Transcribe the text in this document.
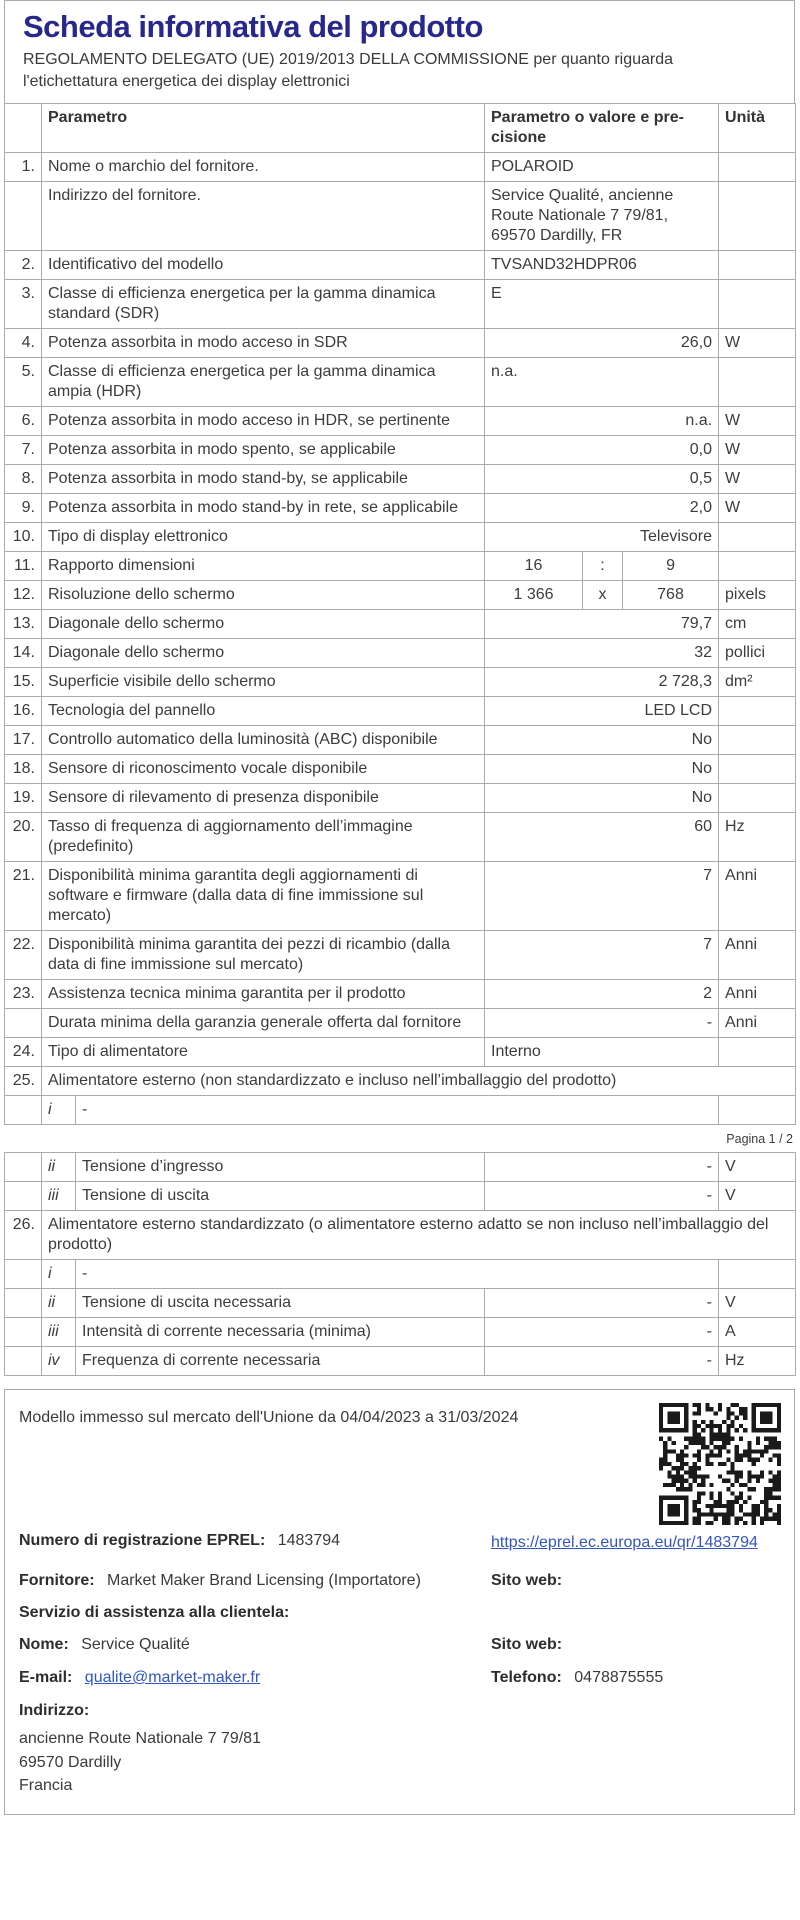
Scheda informativa del prodotto
REGOLAMENTO DELEGATO (UE) 2019/2013 DELLA COMMISSIONE per quanto riguarda l'etichettatura energetica dei display elettronici
	Parametro		Parametro o valore e precisione			Unità
1.	Nome o marchio del fornitore.		POLAROID			
	Indirizzo del fornitore.		Service Qualité, ancienne Route Nationale 7 79/81, 69570 Dardilly, FR			
2.	Identificativo del modello		TVSAND32HDPR06			
3.	Classe di efficienza energetica per la gamma dinamica standard (SDR)		E			
4.	Potenza assorbita in modo acceso in SDR		26,0			W
5.	Classe di efficienza energetica per la gamma dinamica ampia (HDR)		n.a.			
6.	Potenza assorbita in modo acceso in HDR, se pertinente		n.a.			W
7.	Potenza assorbita in modo spento, se applicabile		0,0			W
8.	Potenza assorbita in modo stand-by, se applicabile		0,5			W
9.	Potenza assorbita in modo stand-by in rete, se applicabile		2,0			W
10.	Tipo di display elettronico		Televisore			
11.	Rapporto dimensioni		16	:	9	
12.	Risoluzione dello schermo		1 366	x	768	pixels
13.	Diagonale dello schermo		79,7			cm
14.	Diagonale dello schermo		32			pollici
15.	Superficie visibile dello schermo		2 728,3			dm²
16.	Tecnologia del pannello		LED LCD			
17.	Controllo automatico della luminosità (ABC) disponibile		No			
18.	Sensore di riconoscimento vocale disponibile		No			
19.	Sensore di rilevamento di presenza disponibile		No			
20.	Tasso di frequenza di aggiornamento dell’immagine (predefinito)		60			Hz
21.	Disponibilità minima garantita degli aggiornamenti di software e firmware (dalla data di fine immissione sul mercato)		7			Anni
22.	Disponibilità minima garantita dei pezzi di ricambio (dalla data di fine immissione sul mercato)		7			Anni
23.	Assistenza tecnica minima garantita per il prodotto		2			Anni
	Durata minima della garanzia generale offerta dal fornitore		-			Anni
24.	Tipo di alimentatore		Interno			
25.	Alimentatore esterno (non standardizzato e incluso nell’imballaggio del prodotto)					
	i	-				
Pagina 1 / 2
	ii	Tensione d’ingresso	-	V
	iii	Tensione di uscita	-	V
26.	Alimentatore esterno standardizzato (o alimentatore esterno adatto se non incluso nell’imballaggio del prodotto)			
	i	-		
	ii	Tensione di uscita necessaria	-	V
	iii	Intensità di corrente necessaria (minima)	-	A
	iv	Frequenza di corrente necessaria	-	Hz
Modello immesso sul mercato dell'Unione da 04/04/2023 a 31/03/2024
Numero di registrazione EPREL: 1483794	https://eprel.ec.europa.eu/qr/1483794
Fornitore: Market Maker Brand Licensing (Importatore)	Sito web:
Servizio di assistenza alla clientela:
Nome: Service Qualité	Sito web:
E-mail: qualite@market-maker.fr	Telefono: 0478875555
Indirizzo:
ancienne Route Nationale 7 79/81
69570 Dardilly
Francia
